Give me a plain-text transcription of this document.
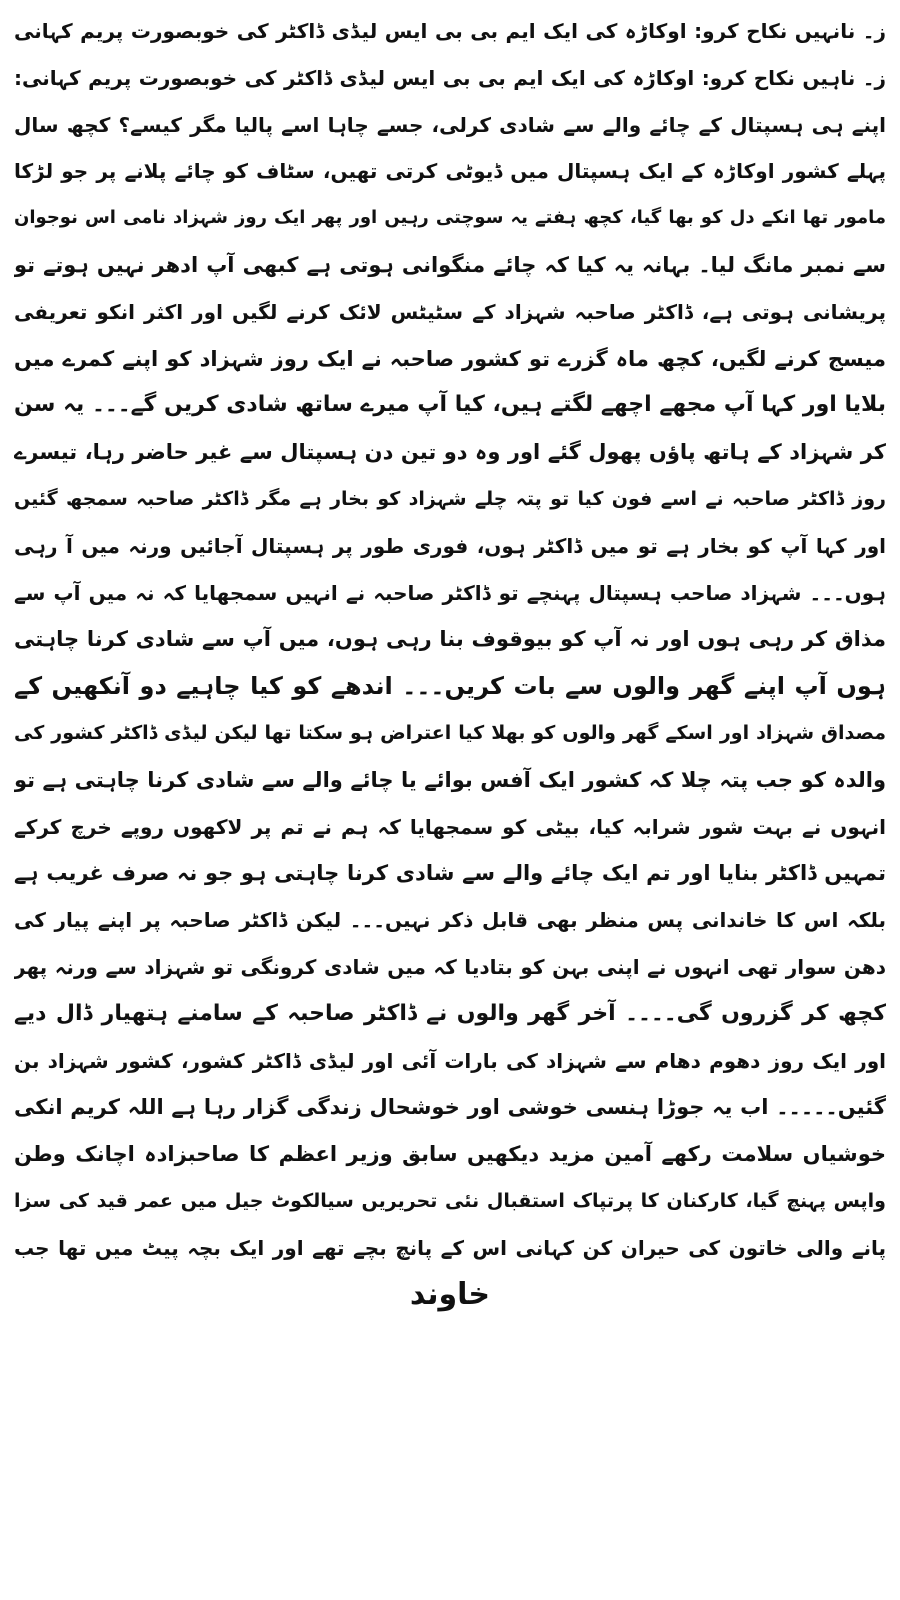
ز۔ نانہیں نکاح کرو: اوکاڑہ کی ایک ایم بی بی ایس لیڈی ڈاکٹر کی خوبصورت پریم کہانی
ز۔ ناہیں نکاح کرو: اوکاڑہ کی ایک ایم بی بی ایس لیڈی ڈاکٹر کی خوبصورت پریم کہانی:
اپنے ہی ہسپتال کے چائے والے سے شادی کرلی، جسے چاہا اسے پالیا مگر کیسے؟ کچھ سال
پہلے کشور اوکاڑہ کے ایک ہسپتال میں ڈیوٹی کرتی تھیں، سٹاف کو چائے پلانے پر جو لڑکا
مامور تھا انکے دل کو بھا گیا، کچھ ہفتے یہ سوچتی رہیں اور پھر ایک روز شہزاد نامی اس نوجوان
سے نمبر مانگ لیا۔ بہانہ یہ کیا کہ چائے منگوانی ہوتی ہے کبھی آپ ادھر نہیں ہوتے تو
پریشانی ہوتی ہے، ڈاکٹر صاحبہ شہزاد کے سٹیٹس لائک کرنے لگیں اور اکثر انکو تعریفی
میسج کرنے لگیں، کچھ ماہ گزرے تو کشور صاحبہ نے ایک روز شہزاد کو اپنے کمرے میں
بلایا اور کہا آپ مجھے اچھے لگتے ہیں، کیا آپ میرے ساتھ شادی کریں گے۔۔۔ یہ سن
کر شہزاد کے ہاتھ پاؤں پھول گئے اور وہ دو تین دن ہسپتال سے غیر حاضر رہا، تیسرے
روز ڈاکٹر صاحبہ نے اسے فون کیا تو پتہ چلے شہزاد کو بخار ہے مگر ڈاکٹر صاحبہ سمجھ گئیں
اور کہا آپ کو بخار ہے تو میں ڈاکٹر ہوں، فوری طور پر ہسپتال آجائیں ورنہ میں آ رہی
ہوں۔۔۔ شہزاد صاحب ہسپتال پہنچے تو ڈاکٹر صاحبہ نے انہیں سمجھایا کہ نہ میں آپ سے
مذاق کر رہی ہوں اور نہ آپ کو بیوقوف بنا رہی ہوں، میں آپ سے شادی کرنا چاہتی
ہوں آپ اپنے گھر والوں سے بات کریں۔۔۔ اندھے کو کیا چاہیے دو آنکھیں کے
مصداق شہزاد اور اسکے گھر والوں کو بھلا کیا اعتراض ہو سکتا تھا لیکن لیڈی ڈاکٹر کشور کی
والدہ کو جب پتہ چلا کہ کشور ایک آفس بوائے یا چائے والے سے شادی کرنا چاہتی ہے تو
انہوں نے بہت شور شرابہ کیا، بیٹی کو سمجھایا کہ ہم نے تم پر لاکھوں روپے خرچ کرکے
تمہیں ڈاکٹر بنایا اور تم ایک چائے والے سے شادی کرنا چاہتی ہو جو نہ صرف غریب ہے
بلکہ اس کا خاندانی پس منظر بھی قابل ذکر نہیں۔۔۔ لیکن ڈاکٹر صاحبہ پر اپنے پیار کی
دھن سوار تھی انہوں نے اپنی بہن کو بتادیا کہ میں شادی کرونگی تو شہزاد سے ورنہ پھر
کچھ کر گزروں گی۔۔۔۔ آخر گھر والوں نے ڈاکٹر صاحبہ کے سامنے ہتھیار ڈال دیے
اور ایک روز دھوم دھام سے شہزاد کی بارات آئی اور لیڈی ڈاکٹر کشور، کشور شہزاد بن
گئیں۔۔۔۔۔ اب یہ جوڑا ہنسی خوشی اور خوشحال زندگی گزار رہا ہے اللہ کریم انکی
خوشیاں سلامت رکھے آمین مزید دیکھیں سابق وزیر اعظم کا صاحبزادہ اچانک وطن
واپس پہنچ گیا، کارکنان کا پرتپاک استقبال نئی تحریریں سیالکوٹ جیل میں عمر قید کی سزا
پانے والی خاتون کی حیران کن کہانی اس کے پانچ بچے تھے اور ایک بچہ پیٹ میں تھا جب
خاوند
